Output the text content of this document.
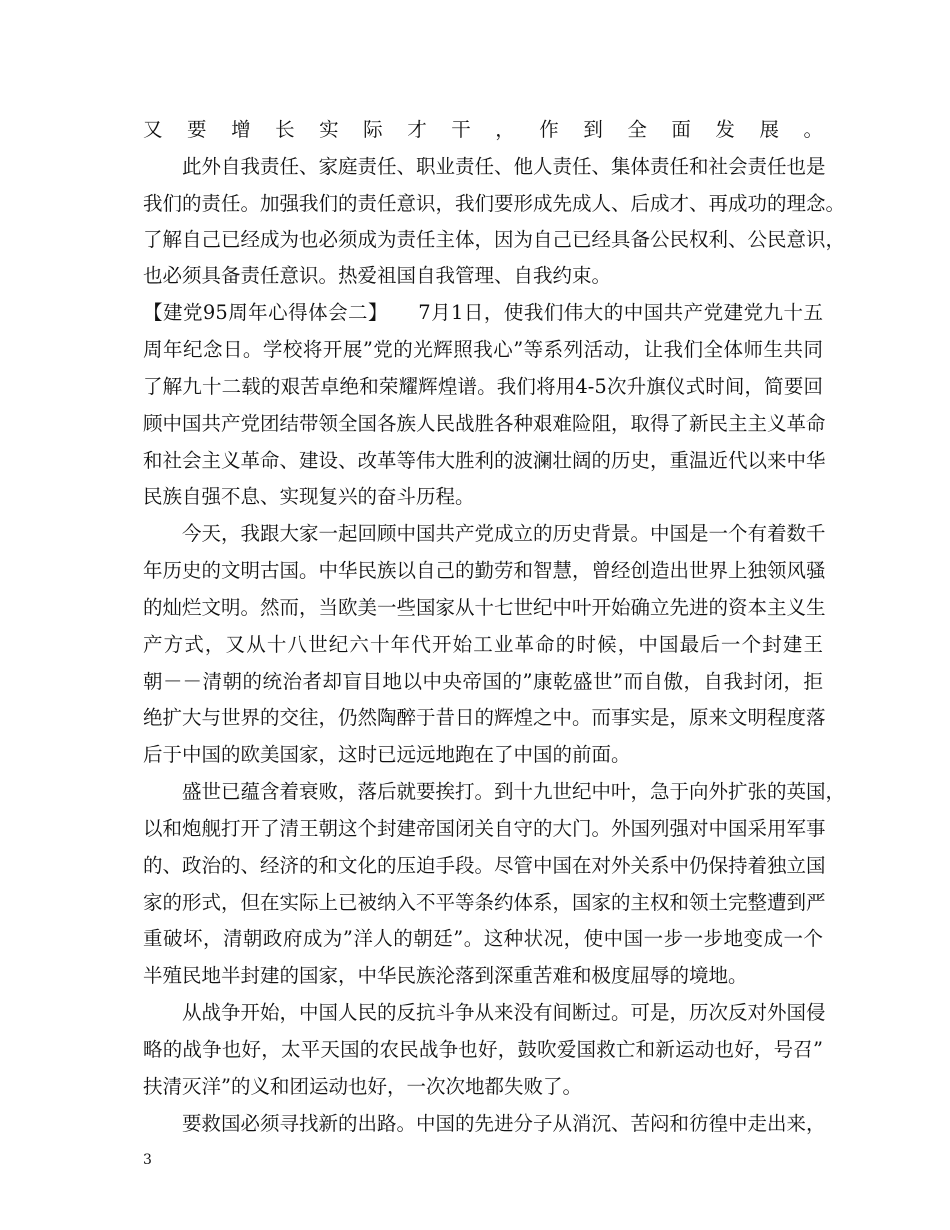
又要增长实际才干，作到全面发展。
　　此外自我责任、家庭责任、职业责任、他人责任、集体责任和社会责任也是
我们的责任。加强我们的责任意识，我们要形成先成人、后成才、再成功的理念。
了解自己已经成为也必须成为责任主体，因为自己已经具备公民权利、公民意识，
也必须具备责任意识。热爱祖国自我管理、自我约束。
【建党95周年心得体会二】　　7月1日，使我们伟大的中国共产党建党九十五
周年纪念日。学校将开展”党的光辉照我心”等系列活动，让我们全体师生共同
了解九十二载的艰苦卓绝和荣耀辉煌谱。我们将用4-5次升旗仪式时间，简要回
顾中国共产党团结带领全国各族人民战胜各种艰难险阻，取得了新民主主义革命
和社会主义革命、建设、改革等伟大胜利的波澜壮阔的历史，重温近代以来中华
民族自强不息、实现复兴的奋斗历程。
　　今天，我跟大家一起回顾中国共产党成立的历史背景。中国是一个有着数千
年历史的文明古国。中华民族以自己的勤劳和智慧，曾经创造出世界上独领风骚
的灿烂文明。然而，当欧美一些国家从十七世纪中叶开始确立先进的资本主义生
产方式，又从十八世纪六十年代开始工业革命的时候，中国最后一个封建王
朝－－清朝的统治者却盲目地以中央帝国的”康乾盛世”而自傲，自我封闭，拒
绝扩大与世界的交往，仍然陶醉于昔日的辉煌之中。而事实是，原来文明程度落
后于中国的欧美国家，这时已远远地跑在了中国的前面。
　　盛世已蕴含着衰败，落后就要挨打。到十九世纪中叶，急于向外扩张的英国，
以和炮舰打开了清王朝这个封建帝国闭关自守的大门。外国列强对中国采用军事
的、政治的、经济的和文化的压迫手段。尽管中国在对外关系中仍保持着独立国
家的形式，但在实际上已被纳入不平等条约体系，国家的主权和领土完整遭到严
重破坏，清朝政府成为”洋人的朝廷”。这种状况，使中国一步一步地变成一个
半殖民地半封建的国家，中华民族沦落到深重苦难和极度屈辱的境地。
　　从战争开始，中国人民的反抗斗争从来没有间断过。可是，历次反对外国侵
略的战争也好，太平天国的农民战争也好，鼓吹爱国救亡和新运动也好，号召”
扶清灭洋”的义和团运动也好，一次次地都失败了。
　　要救国必须寻找新的出路。中国的先进分子从消沉、苦闷和彷徨中走出来，
3
